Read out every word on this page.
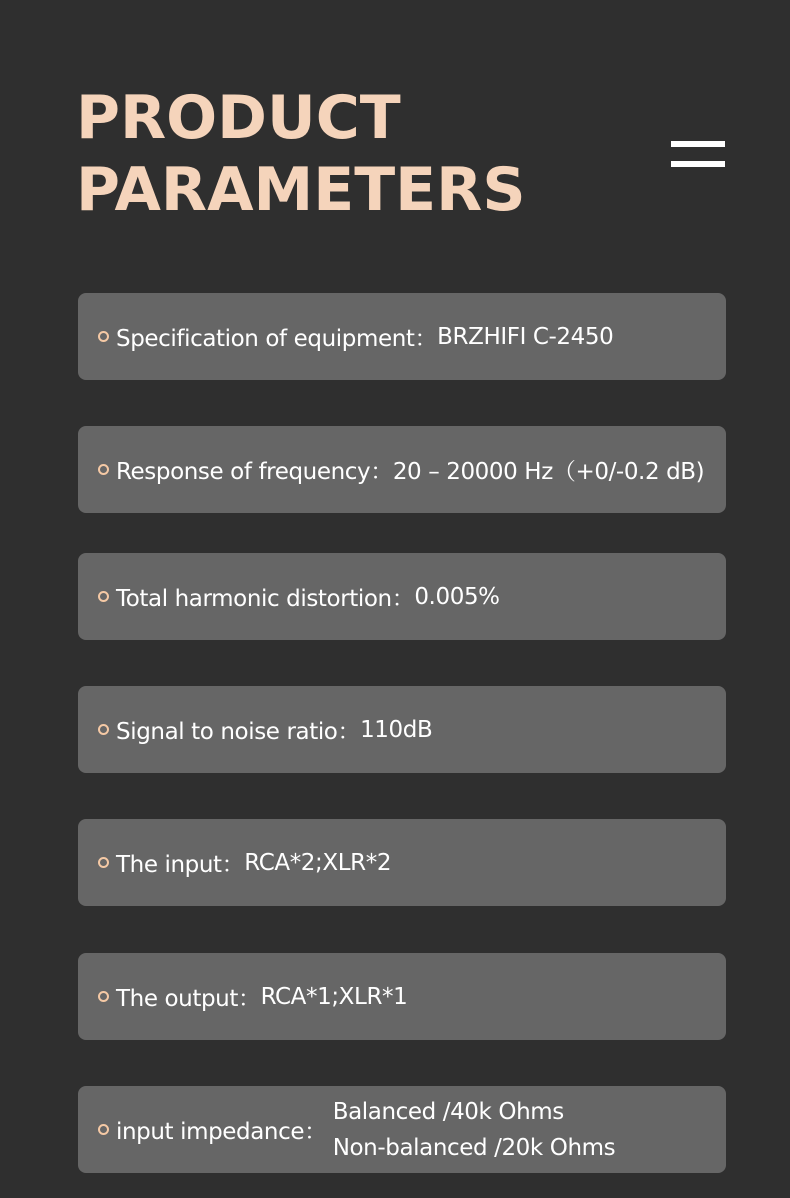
PRODUCT
PARAMETERS
Specification of equipment： BRZHIFI C-2450
Response of frequency： 20 – 20000 Hz（+0/-0.2 dB)
Total harmonic distortion： 0.005%
Signal to noise ratio： 110dB
The input： RCA*2;XLR*2
The output： RCA*1;XLR*1
input impedance：
Balanced /40k Ohms
Non-balanced /20k Ohms
